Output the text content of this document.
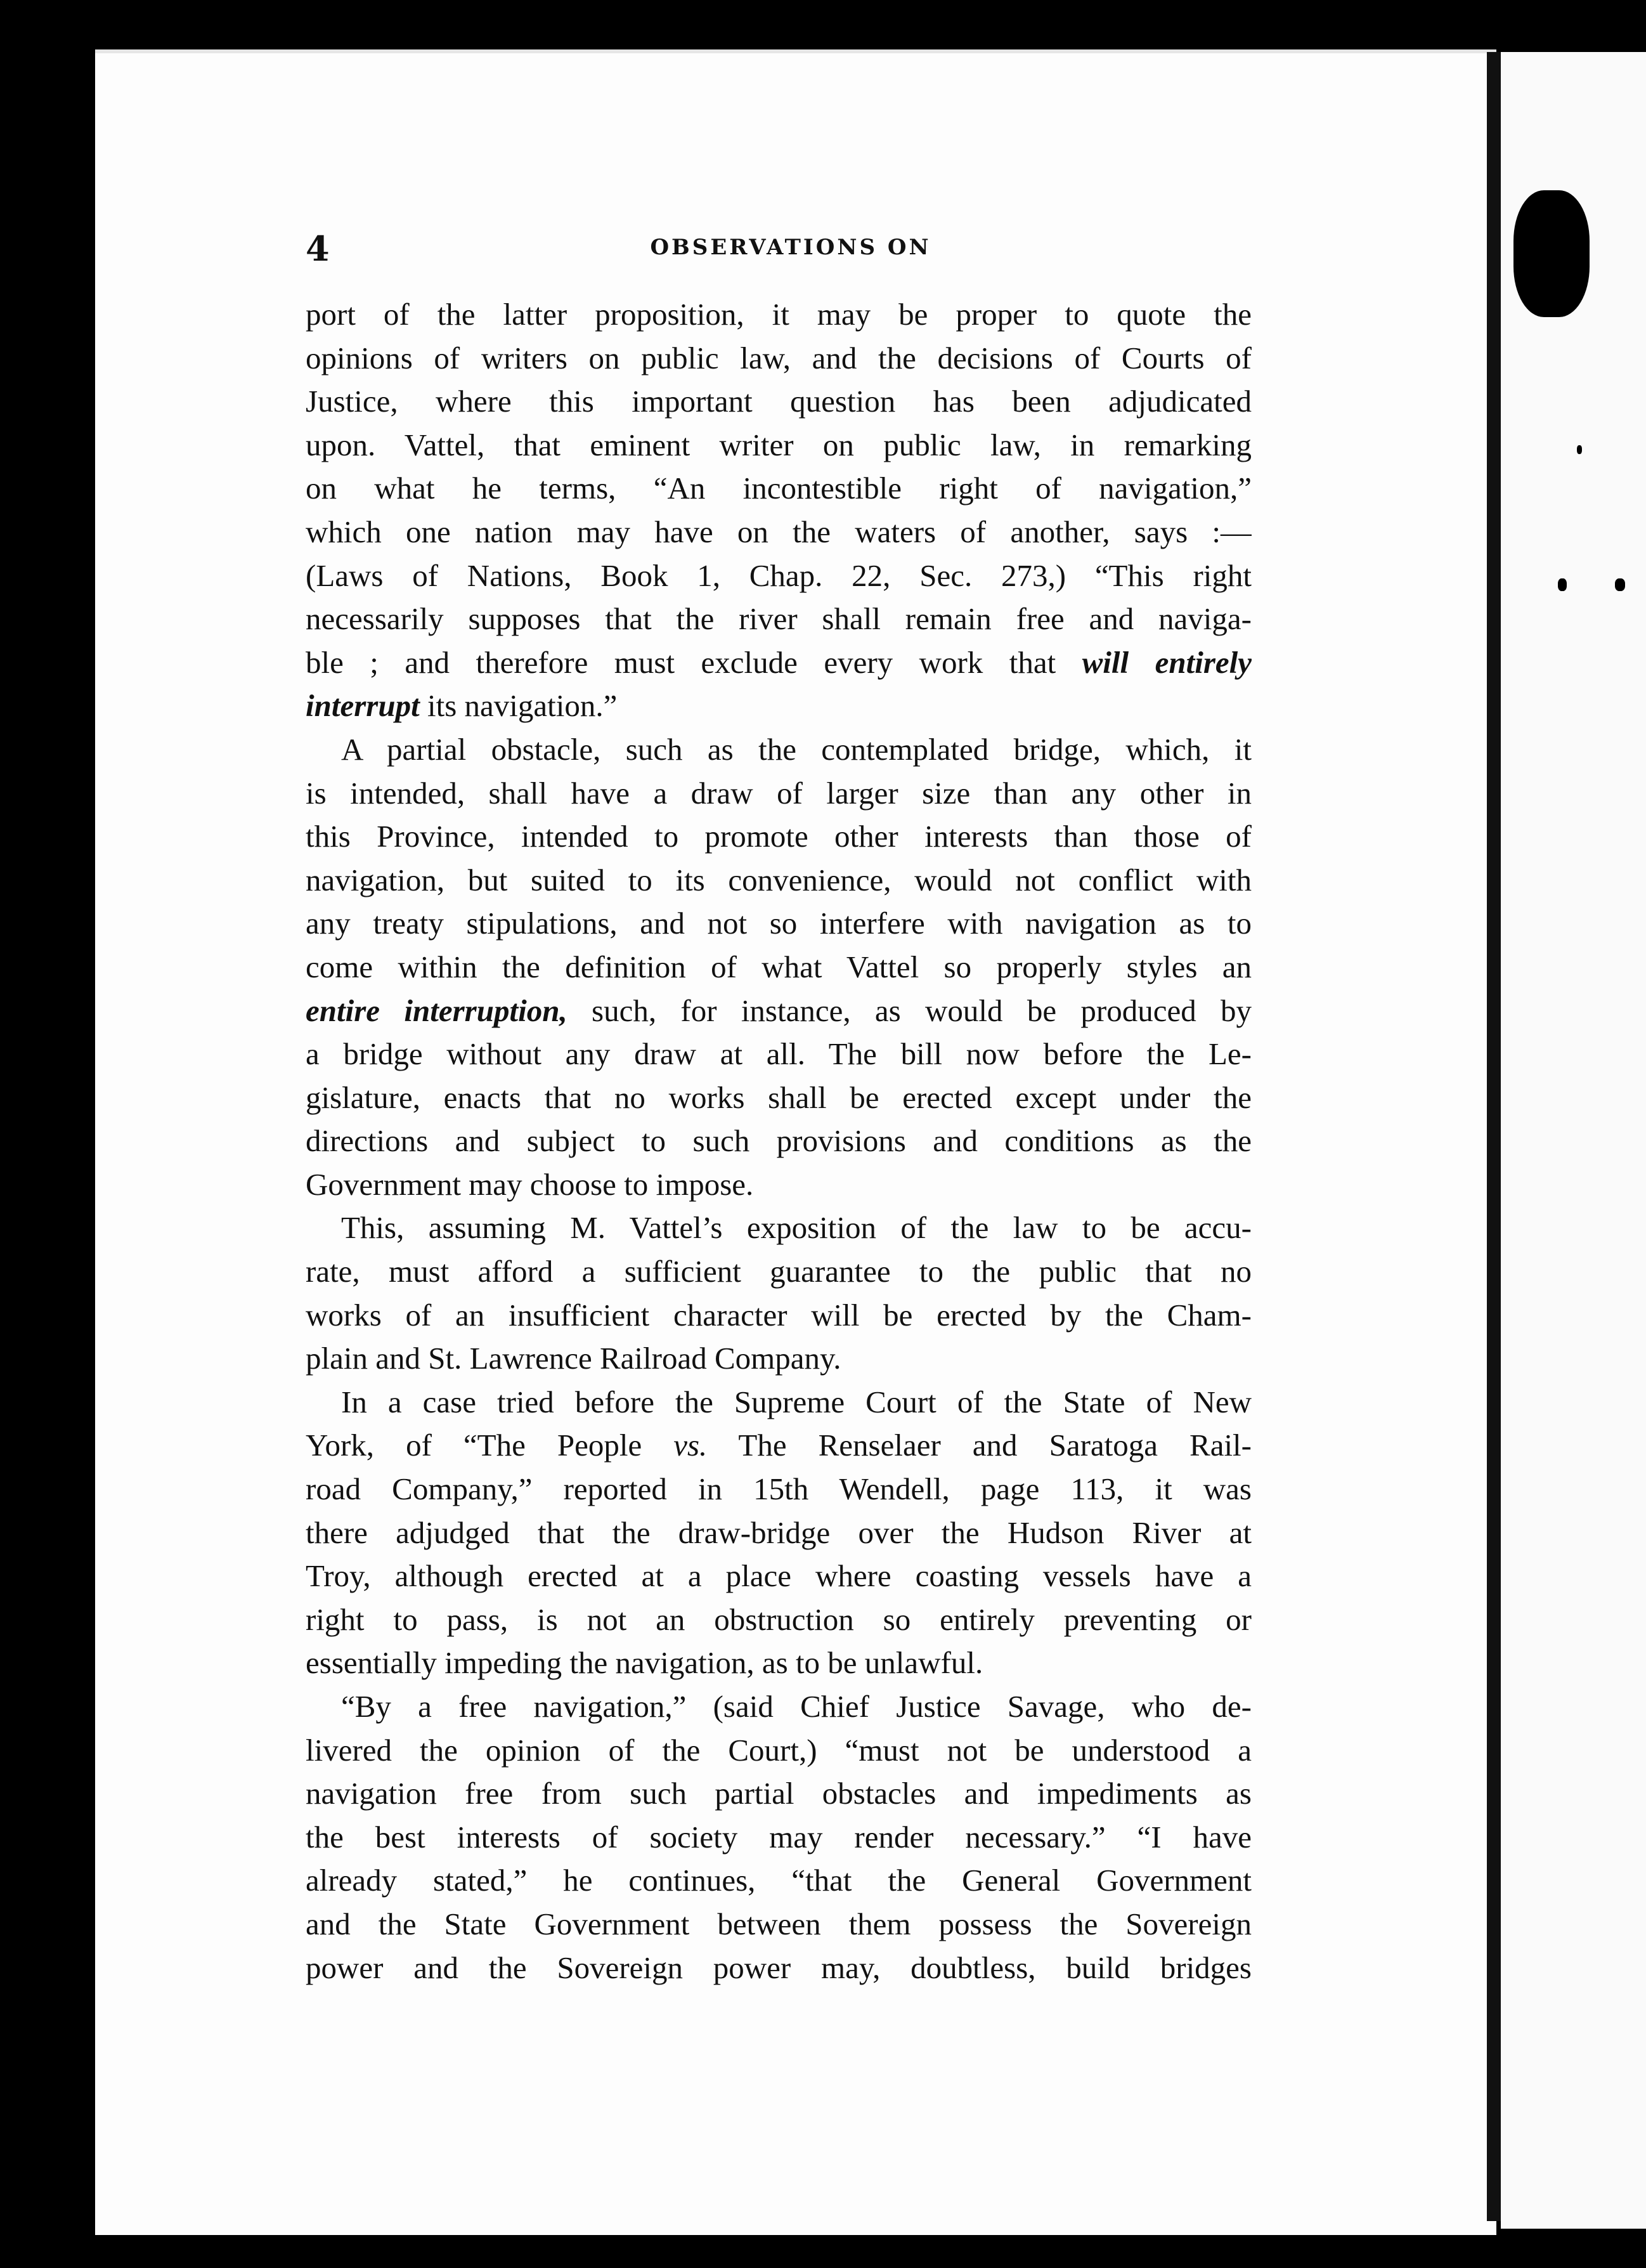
4	OBSERVATIONS ON
port of the latter proposition, it may be proper to quote the
opinions of writers on public law, and the decisions of Courts of
Justice, where this important question has been adjudicated
upon. Vattel, that eminent writer on public law, in remarking
on what he terms, “An incontestible right of navigation,”
which one nation may have on the waters of another, says :—
(Laws of Nations, Book 1, Chap. 22, Sec. 273,) “This right
necessarily supposes that the river shall remain free and naviga-
ble ; and therefore must exclude every work that will entirely
interrupt its navigation.”
A partial obstacle, such as the contemplated bridge, which, it
is intended, shall have a draw of larger size than any other in
this Province, intended to promote other interests than those of
navigation, but suited to its convenience, would not conflict with
any treaty stipulations, and not so interfere with navigation as to
come within the definition of what Vattel so properly styles an
entire interruption, such, for instance, as would be produced by
a bridge without any draw at all. The bill now before the Le-
gislature, enacts that no works shall be erected except under the
directions and subject to such provisions and conditions as the
Government may choose to impose.
This, assuming M. Vattel’s exposition of the law to be accu-
rate, must afford a sufficient guarantee to the public that no
works of an insufficient character will be erected by the Cham-
plain and St. Lawrence Railroad Company.
In a case tried before the Supreme Court of the State of New
York, of “The People vs. The Renselaer and Saratoga Rail-
road Company,” reported in 15th Wendell, page 113, it was
there adjudged that the draw-bridge over the Hudson River at
Troy, although erected at a place where coasting vessels have a
right to pass, is not an obstruction so entirely preventing or
essentially impeding the navigation, as to be unlawful.
“By a free navigation,” (said Chief Justice Savage, who de-
livered the opinion of the Court,) “must not be understood a
navigation free from such partial obstacles and impediments as
the best interests of society may render necessary.” “I have
already stated,” he continues, “that the General Government
and the State Government between them possess the Sovereign
power and the Sovereign power may, doubtless, build bridges
